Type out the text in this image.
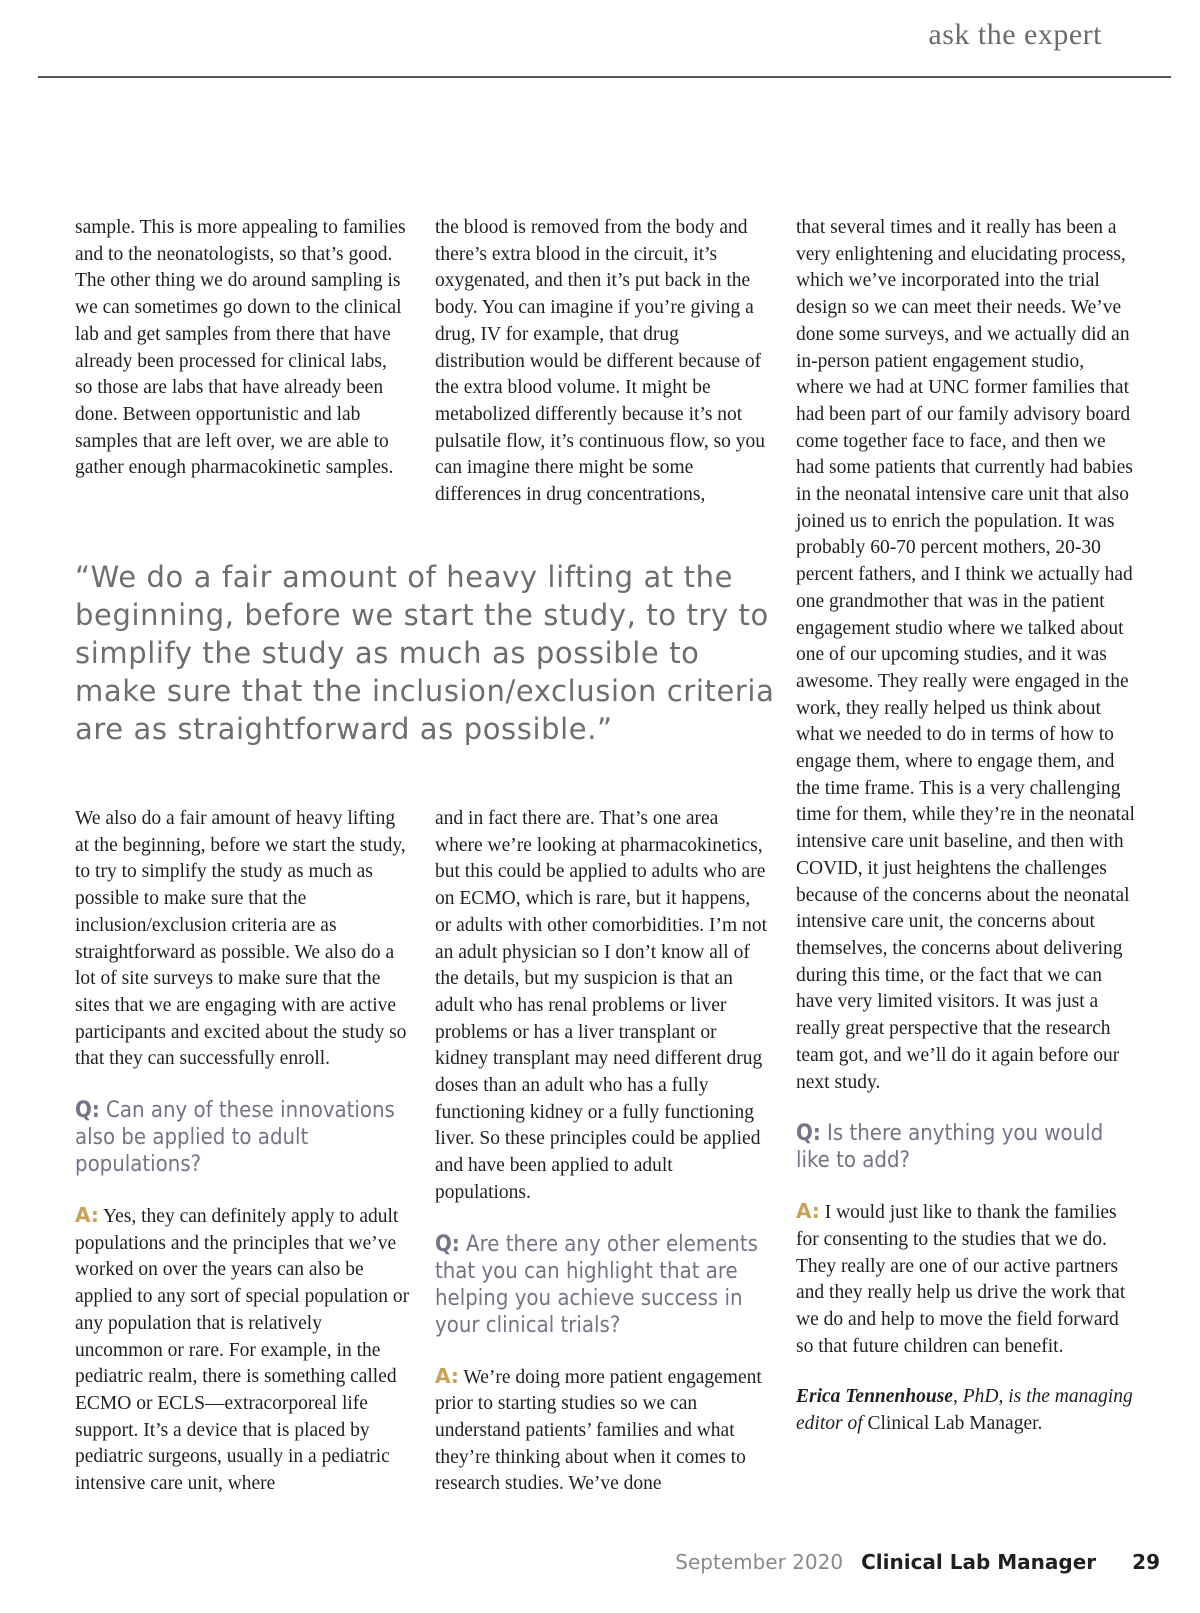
ask the expert

sample. This is more appealing to families and to the neonatologists, so that’s good. The other thing we do around sampling is we can sometimes go down to the clinical lab and get samples from there that have already been processed for clinical labs, so those are labs that have already been done. Between opportunistic and lab samples that are left over, we are able to gather enough pharmacokinetic samples.

the blood is removed from the body and there’s extra blood in the circuit, it’s oxygenated, and then it’s put back in the body. You can imagine if you’re giving a drug, IV for example, that drug distribution would be different because of the extra blood volume. It might be metabolized differently because it’s not pulsatile flow, it’s continuous flow, so you can imagine there might be some differences in drug concentrations,

“We do a fair amount of heavy lifting at the beginning, before we start the study, to try to simplify the study as much as possible to make sure that the inclusion/exclusion criteria are as straightforward as possible.”

We also do a fair amount of heavy lifting at the beginning, before we start the study, to try to simplify the study as much as possible to make sure that the inclusion/exclusion criteria are as straightforward as possible. We also do a lot of site surveys to make sure that the sites that we are engaging with are active participants and excited about the study so that they can successfully enroll.

Q: Can any of these innovations also be applied to adult populations?

A: Yes, they can definitely apply to adult populations and the principles that we’ve worked on over the years can also be applied to any sort of special population or any population that is relatively uncommon or rare. For example, in the pediatric realm, there is something called ECMO or ECLS—extracorporeal life support. It’s a device that is placed by pediatric surgeons, usually in a pediatric intensive care unit, where

and in fact there are. That’s one area where we’re looking at pharmacokinetics, but this could be applied to adults who are on ECMO, which is rare, but it happens, or adults with other comorbidities. I’m not an adult physician so I don’t know all of the details, but my suspicion is that an adult who has renal problems or liver problems or has a liver transplant or kidney transplant may need different drug doses than an adult who has a fully functioning kidney or a fully functioning liver. So these principles could be applied and have been applied to adult populations.

Q: Are there any other elements that you can highlight that are helping you achieve success in your clinical trials?

A: We’re doing more patient engagement prior to starting studies so we can understand patients’ families and what they’re thinking about when it comes to research studies. We’ve done

that several times and it really has been a very enlightening and elucidating process, which we’ve incorporated into the trial design so we can meet their needs. We’ve done some surveys, and we actually did an in-person patient engagement studio, where we had at UNC former families that had been part of our family advisory board come together face to face, and then we had some patients that currently had babies in the neonatal intensive care unit that also joined us to enrich the population. It was probably 60-70 percent mothers, 20-30 percent fathers, and I think we actually had one grandmother that was in the patient engagement studio where we talked about one of our upcoming studies, and it was awesome. They really were engaged in the work, they really helped us think about what we needed to do in terms of how to engage them, where to engage them, and the time frame. This is a very challenging time for them, while they’re in the neonatal intensive care unit baseline, and then with COVID, it just heightens the challenges because of the concerns about the neonatal intensive care unit, the concerns about themselves, the concerns about delivering during this time, or the fact that we can have very limited visitors. It was just a really great perspective that the research team got, and we’ll do it again before our next study.

Q: Is there anything you would like to add?

A: I would just like to thank the families for consenting to the studies that we do. They really are one of our active partners and they really help us drive the work that we do and help to move the field forward so that future children can benefit.

Erica Tennenhouse, PhD, is the managing editor of Clinical Lab Manager.

September 2020 Clinical Lab Manager 29
